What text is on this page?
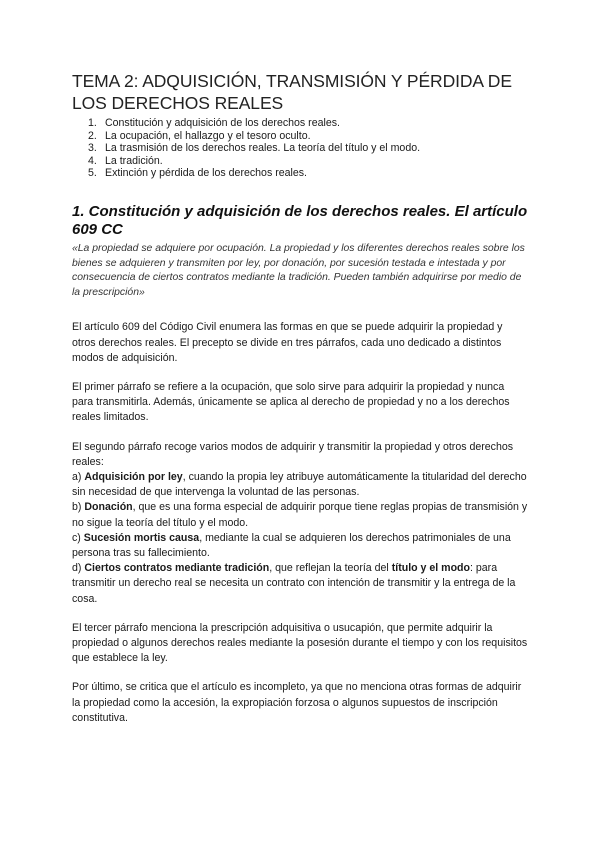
TEMA 2: ADQUISICIÓN, TRANSMISIÓN Y PÉRDIDA DE LOS DERECHOS REALES
1. Constitución y adquisición de los derechos reales.
2. La ocupación, el hallazgo y el tesoro oculto.
3. La trasmisión de los derechos reales. La teoría del título y el modo.
4. La tradición.
5. Extinción y pérdida de los derechos reales.
1. Constitución y adquisición de los derechos reales. El artículo 609 CC

«La propiedad se adquiere por ocupación. La propiedad y los diferentes derechos reales sobre los bienes se adquieren y transmiten por ley, por donación, por sucesión testada e intestada y por consecuencia de ciertos contratos mediante la tradición. Pueden también adquirirse por medio de la prescripción»

El artículo 609 del Código Civil enumera las formas en que se puede adquirir la propiedad y otros derechos reales. El precepto se divide en tres párrafos, cada uno dedicado a distintos modos de adquisición.

El primer párrafo se refiere a la ocupación, que solo sirve para adquirir la propiedad y nunca para transmitirla. Además, únicamente se aplica al derecho de propiedad y no a los derechos reales limitados.

El segundo párrafo recoge varios modos de adquirir y transmitir la propiedad y otros derechos reales:

a) Adquisición por ley, cuando la propia ley atribuye automáticamente la titularidad del derecho sin necesidad de que intervenga la voluntad de las personas.

b) Donación, que es una forma especial de adquirir porque tiene reglas propias de transmisión y no sigue la teoría del título y el modo.

c) Sucesión mortis causa, mediante la cual se adquieren los derechos patrimoniales de una persona tras su fallecimiento.

d) Ciertos contratos mediante tradición, que reflejan la teoría del título y el modo: para transmitir un derecho real se necesita un contrato con intención de transmitir y la entrega de la cosa.

El tercer párrafo menciona la prescripción adquisitiva o usucapión, que permite adquirir la propiedad o algunos derechos reales mediante la posesión durante el tiempo y con los requisitos que establece la ley.

Por último, se critica que el artículo es incompleto, ya que no menciona otras formas de adquirir la propiedad como la accesión, la expropiación forzosa o algunos supuestos de inscripción constitutiva.
